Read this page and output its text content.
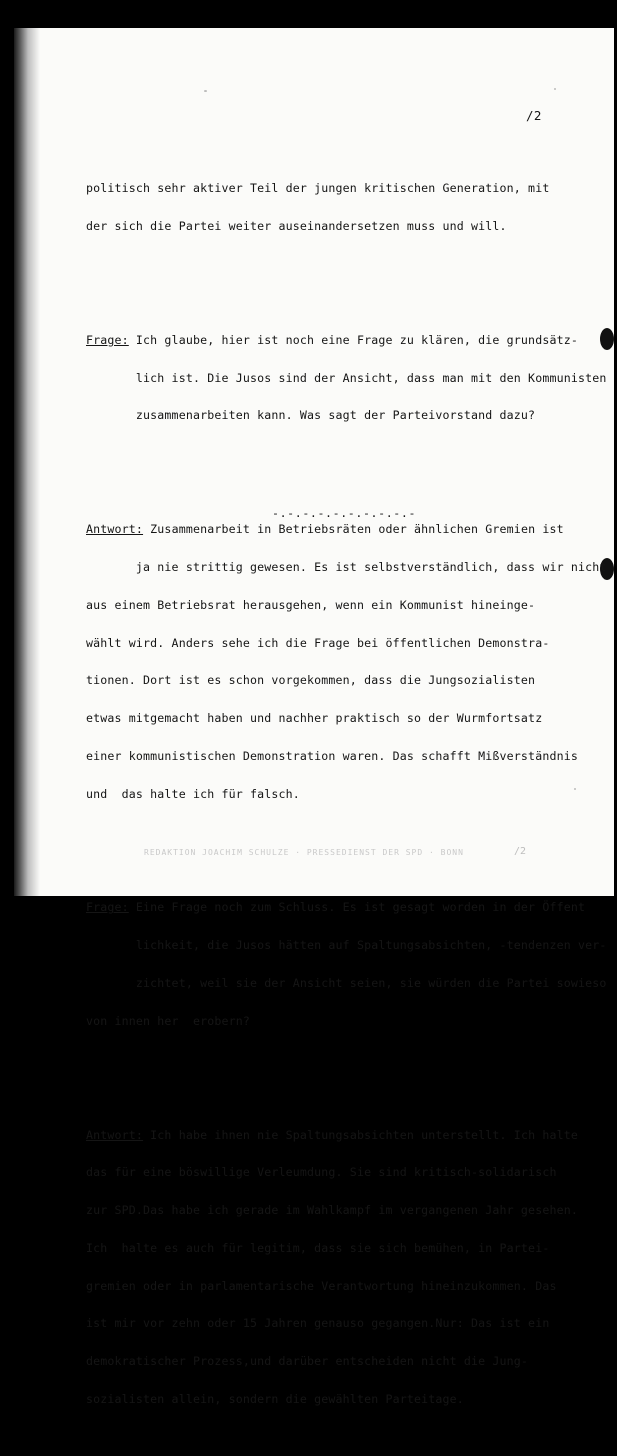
/2

politisch sehr aktiver Teil der jungen kritischen Generation, mit

der sich die Partei weiter auseinandersetzen muss und will.

Frage: Ich glaube, hier ist noch eine Frage zu klären, die grundsätz-

lich ist. Die Jusos sind der Ansicht, dass man mit den Kommunisten

zusammenarbeiten kann. Was sagt der Parteivorstand dazu?

Antwort: Zusammenarbeit in Betriebsräten oder ähnlichen Gremien ist

ja nie strittig gewesen. Es ist selbstverständlich, dass wir nicht

aus einem Betriebsrat herausgehen, wenn ein Kommunist hineinge-

wählt wird. Anders sehe ich die Frage bei öffentlichen Demonstra-

tionen. Dort ist es schon vorgekommen, dass die Jungsozialisten

etwas mitgemacht haben und nachher praktisch so der Wurmfortsatz

einer kommunistischen Demonstration waren. Das schafft Mißverständnis

und  das halte ich für falsch.

Frage: Eine Frage noch zum Schluss. Es ist gesagt worden in der Öffent

lichkeit, die Jusos hätten auf Spaltungsabsichten, -tendenzen ver-

zichtet, weil sie der Ansicht seien, sie würden die Partei sowieso

von innen her  erobern?

Antwort: Ich habe ihnen nie Spaltungsabsichten unterstellt. Ich halte

das für eine böswillige Verleumdung. Sie sind kritisch-solidarisch

zur SPD.Das habe ich gerade im Wahlkampf im vergangenen Jahr gesehen.

Ich  halte es auch für legitim, dass sie sich bemühen, in Partei-

gremien oder in parlamentarische Verantwortung hineinzukommen. Das

ist mir vor zehn oder 15 Jahren genauso gegangen.Nur: Das ist ein

demokratischer Prozess,und darüber entscheiden nicht die Jung-

sozialisten allein, sondern die gewählten Parteitage.

-.-.-.-.-.-.-.-.-.-
REDAKTION JOACHIM SCHULZE · PRESSEDIENST DER SPD · BONN	/2
